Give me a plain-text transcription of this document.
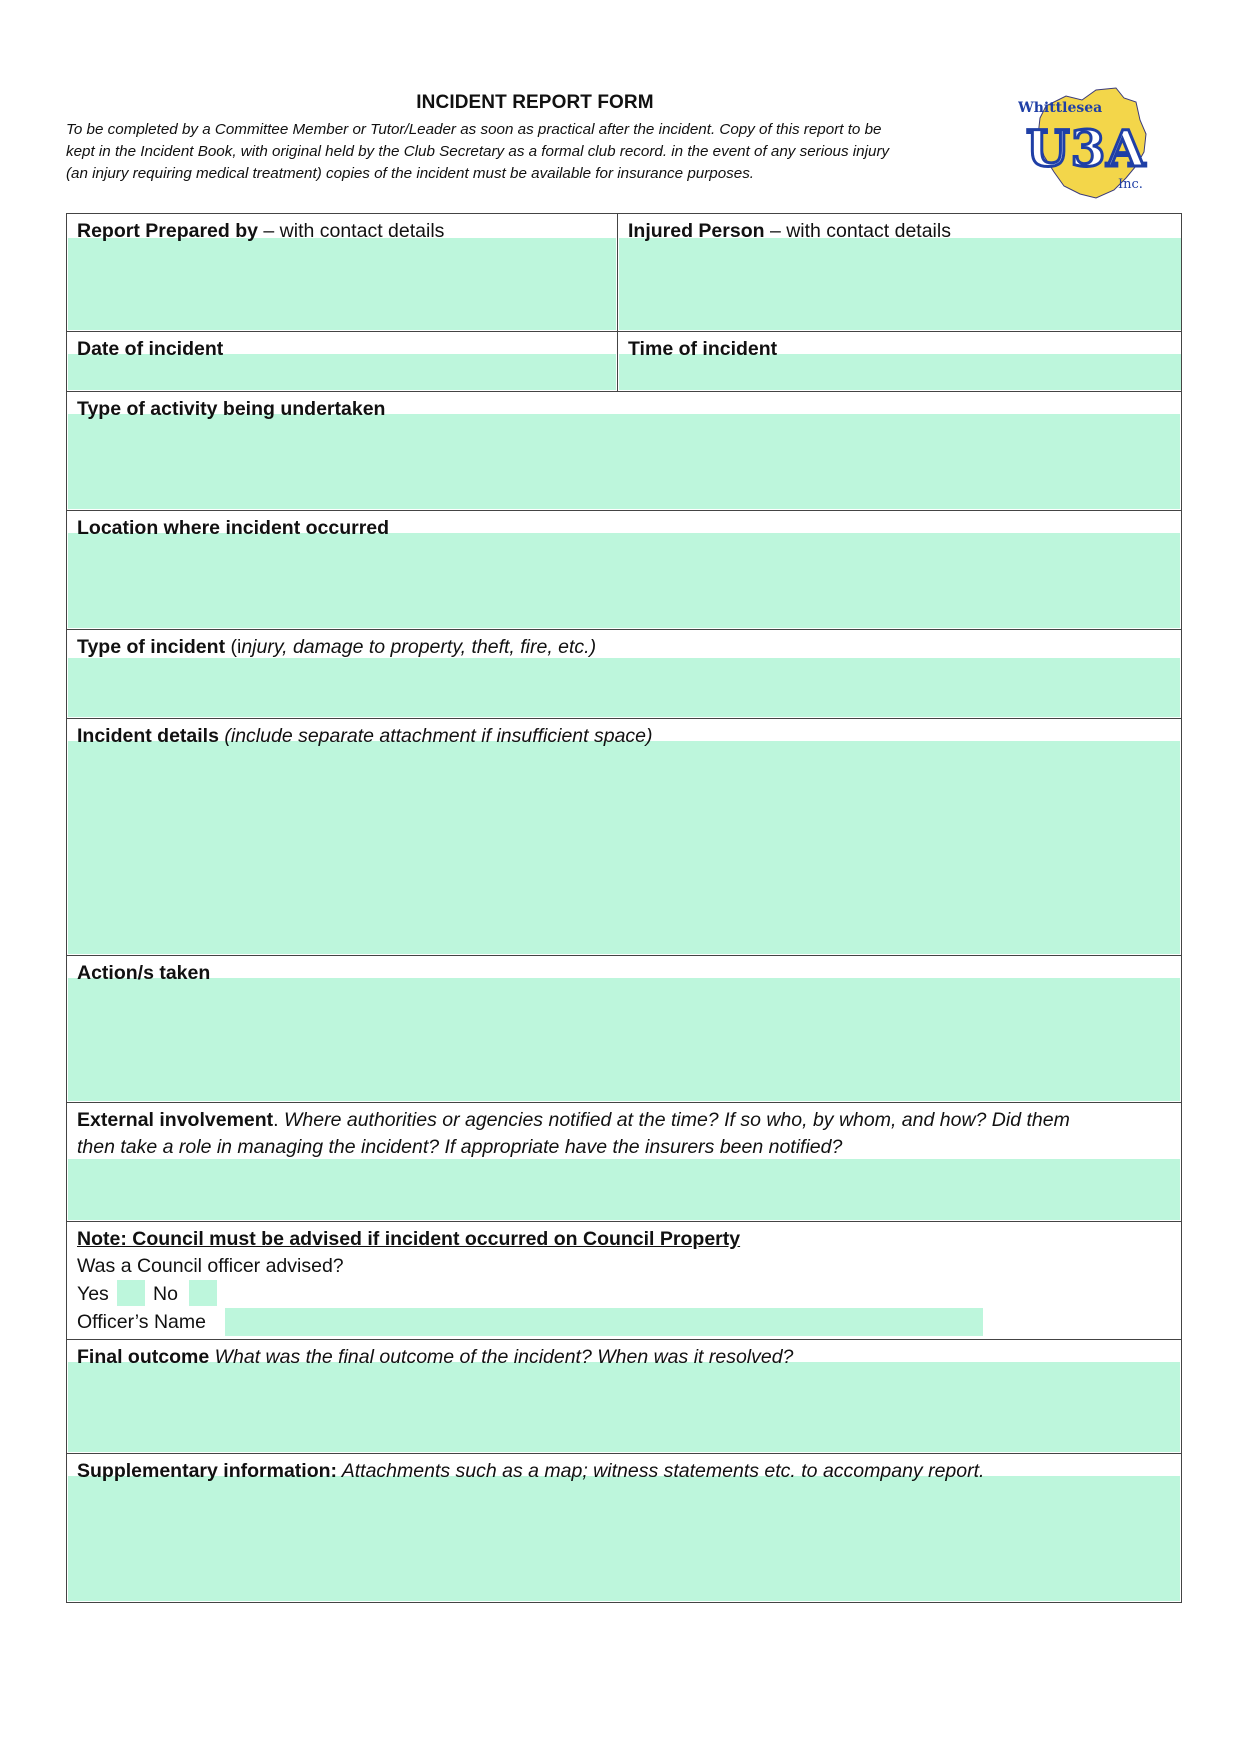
INCIDENT REPORT FORM
To be completed by a Committee Member or Tutor/Leader as soon as practical after the incident. Copy of this report to be
kept in the Incident Book, with original held by the Club Secretary as a formal club record. in the event of any serious injury
(an injury requiring medical treatment) copies of the incident must be available for insurance purposes.
Whittlesea
U3A
Inc.
Report Prepared by – with contact details	Injured Person – with contact details
Date of incident	Time of incident
Type of activity being undertaken
Location where incident occurred
Type of incident (injury, damage to property, theft, fire, etc.)
Incident details (include separate attachment if insufficient space)
Action/s taken
External involvement. Where authorities or agencies notified at the time? If so who, by whom, and how? Did them
then take a role in managing the incident? If appropriate have the insurers been notified?
Note: Council must be advised if incident occurred on Council Property
Was a Council officer advised?
Yes No
Officer’s Name
Final outcome What was the final outcome of the incident? When was it resolved?
Supplementary information: Attachments such as a map; witness statements etc. to accompany report.
